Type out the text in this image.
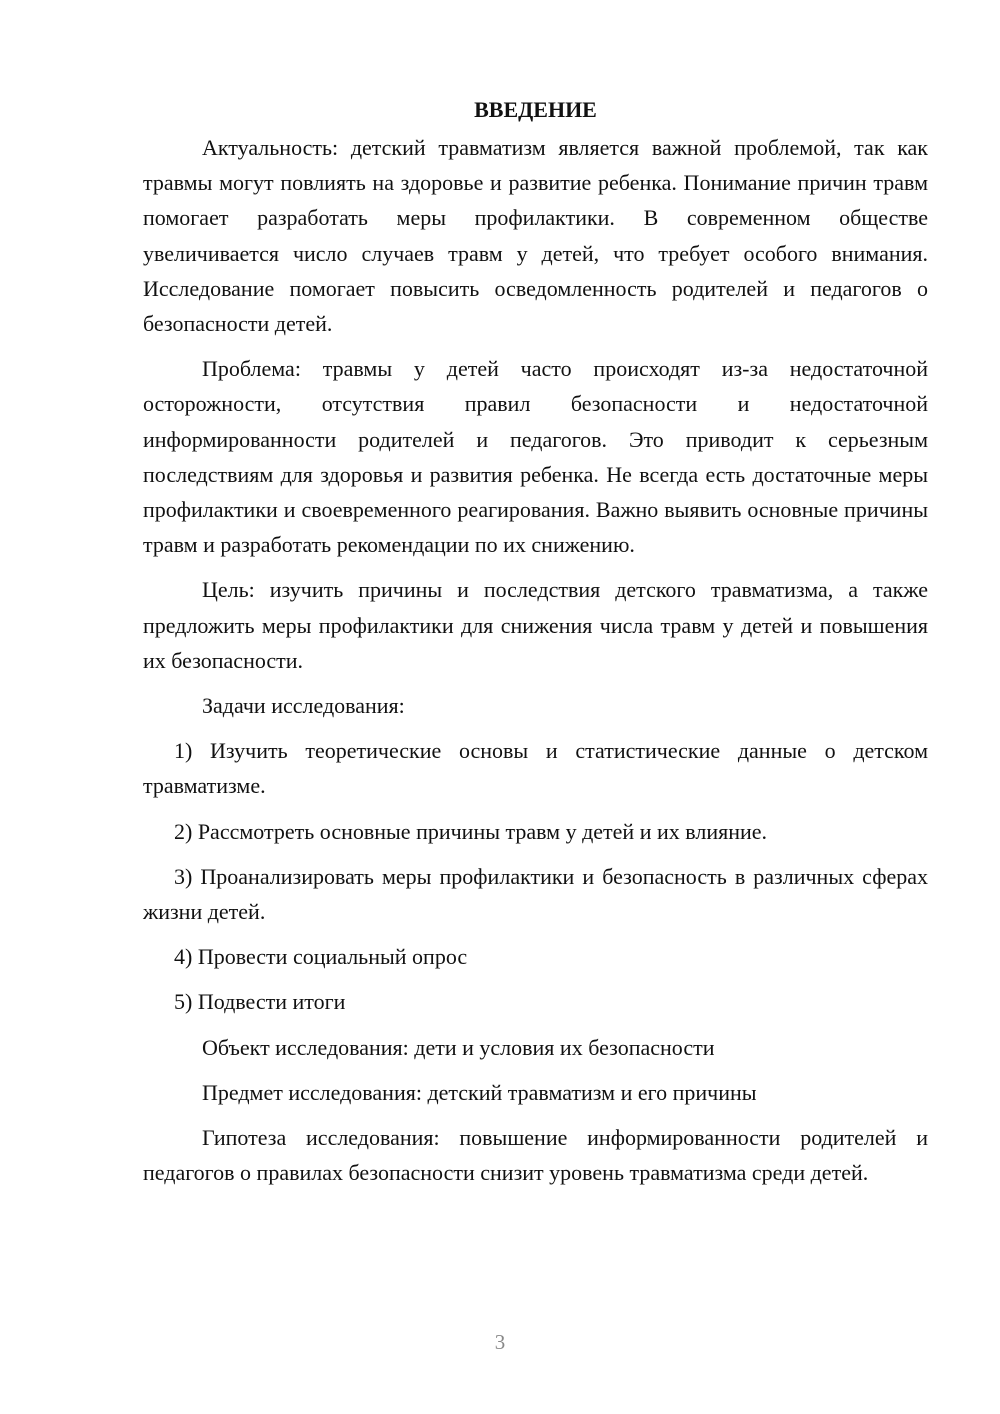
ВВЕДЕНИЕ

Актуальность: детский травматизм является важной проблемой, так как травмы могут повлиять на здоровье и развитие ребенка. Понимание причин травм помогает разработать меры профилактики. В современном обществе увеличивается число случаев травм у детей, что требует особого внимания. Исследование помогает повысить осведомленность родителей и педагогов о безопасности детей.

Проблема: травмы у детей часто происходят из-за недостаточной осторожности, отсутствия правил безопасности и недостаточной информированности родителей и педагогов. Это приводит к серьезным последствиям для здоровья и развития ребенка. Не всегда есть достаточные меры профилактики и своевременного реагирования. Важно выявить основные причины травм и разработать рекомендации по их снижению.

Цель: изучить причины и последствия детского травматизма, а также предложить меры профилактики для снижения числа травм у детей и повышения их безопасности.

Задачи исследования:

1) Изучить теоретические основы и статистические данные о детском травматизме.

2) Рассмотреть основные причины травм у детей и их влияние.

3) Проанализировать меры профилактики и безопасность в различных сферах жизни детей.

4) Провести социальный опрос

5) Подвести итоги

Объект исследования: дети и условия их безопасности

Предмет исследования: детский травматизм и его причины

Гипотеза исследования: повышение информированности родителей и педагогов о правилах безопасности снизит уровень травматизма среди детей.

3
